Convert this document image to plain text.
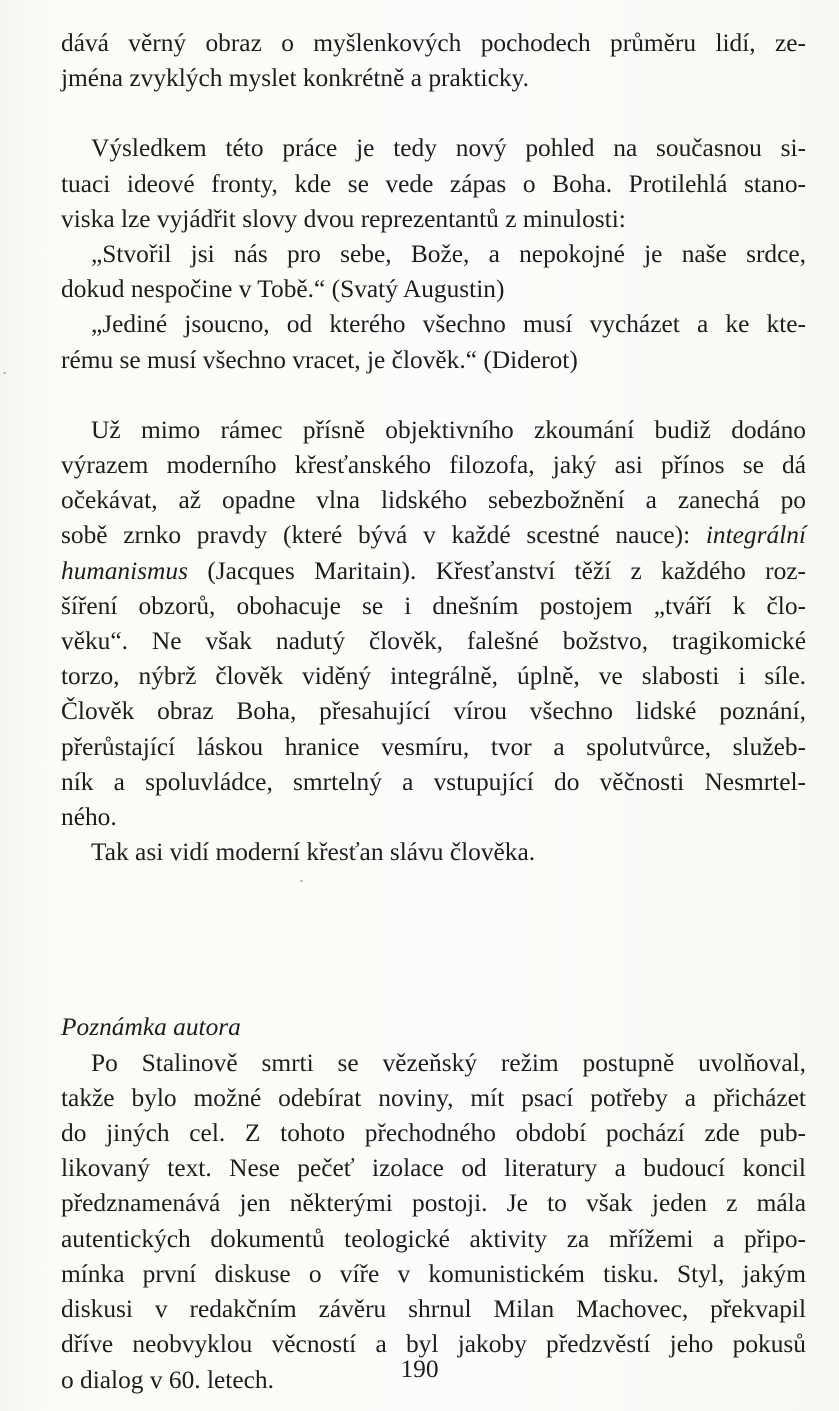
dává věrný obraz o myšlenkových pochodech průměru lidí, ze-

jména zvyklých myslet konkrétně a prakticky.

Výsledkem této práce je tedy nový pohled na současnou si-

tuaci ideové fronty, kde se vede zápas o Boha. Protilehlá stano-

viska lze vyjádřit slovy dvou reprezentantů z minulosti:

„Stvořil jsi nás pro sebe, Bože, a nepokojné je naše srdce,

dokud nespočine v Tobě.“ (Svatý Augustin)

„Jediné jsoucno, od kterého všechno musí vycházet a ke kte-

rému se musí všechno vracet, je člověk.“ (Diderot)

Už mimo rámec přísně objektivního zkoumání budiž dodáno

výrazem moderního křesťanského filozofa, jaký asi přínos se dá

očekávat, až opadne vlna lidského sebezbožnění a zanechá po

sobě zrnko pravdy (které bývá v každé scestné nauce): integrální

humanismus (Jacques Maritain). Křesťanství těží z každého roz-

šíření obzorů, obohacuje se i dnešním postojem „tváří k člo-

věku“. Ne však nadutý člověk, falešné božstvo, tragikomické

torzo, nýbrž člověk viděný integrálně, úplně, ve slabosti i síle.

Člověk obraz Boha, přesahující vírou všechno lidské poznání,

přerůstající láskou hranice vesmíru, tvor a spolutvůrce, služeb-

ník a spoluvládce, smrtelný a vstupující do věčnosti Nesmrtel-

ného.

Tak asi vidí moderní křesťan slávu člověka.

Poznámka autora

Po Stalinově smrti se vězeňský režim postupně uvolňoval,

takže bylo možné odebírat noviny, mít psací potřeby a přicházet

do jiných cel. Z tohoto přechodného období pochází zde pub-

likovaný text. Nese pečeť izolace od literatury a budoucí koncil

předznamenává jen některými postoji. Je to však jeden z mála

autentických dokumentů teologické aktivity za mřížemi a připo-

mínka první diskuse o víře v komunistickém tisku. Styl, jakým

diskusi v redakčním závěru shrnul Milan Machovec, překvapil

dříve neobvyklou věcností a byl jakoby předzvěstí jeho pokusů

o dialog v 60. letech.	190
